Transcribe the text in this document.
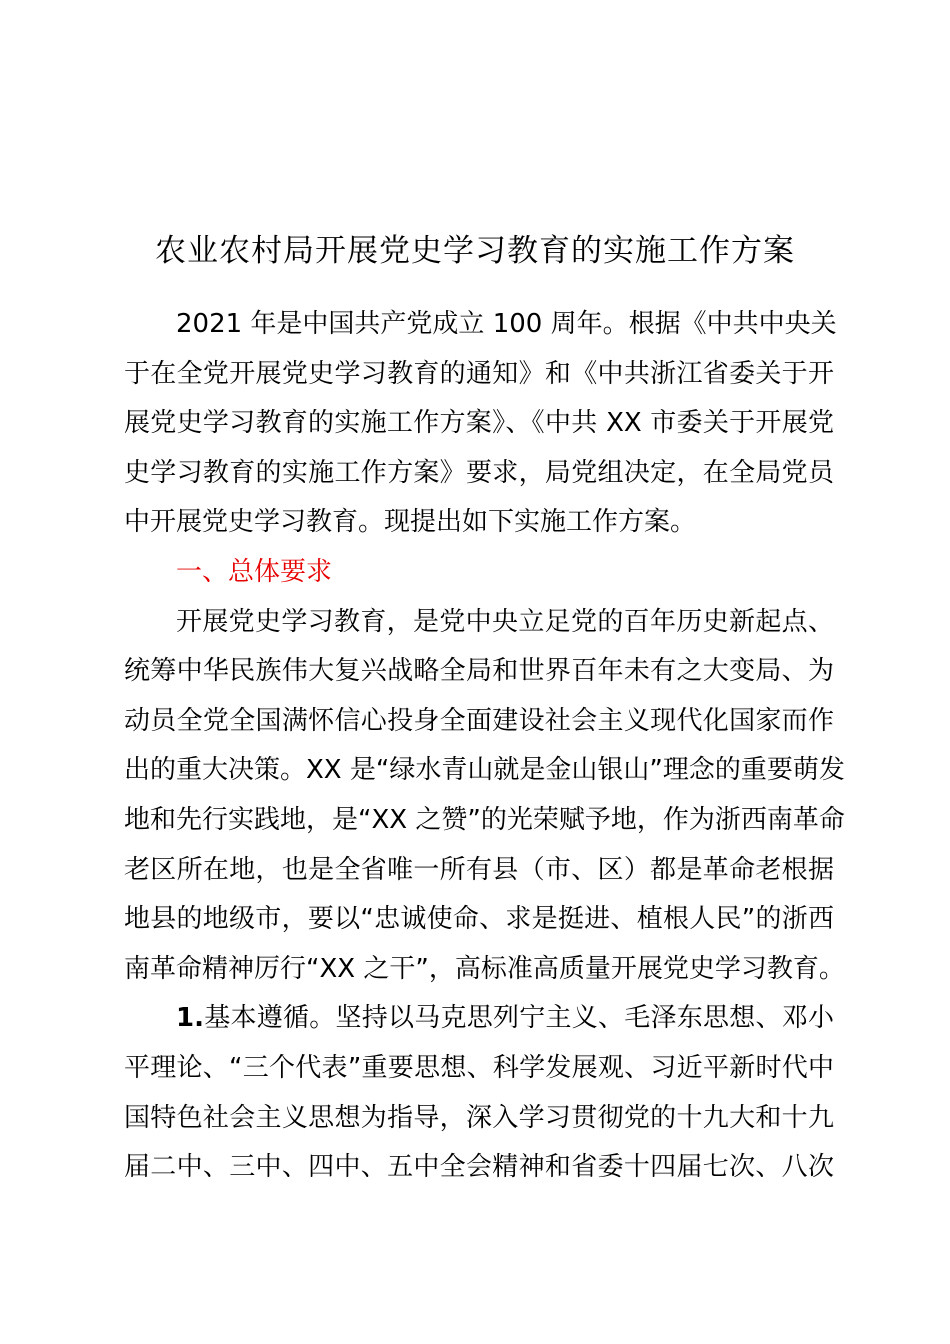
农业农村局开展党史学习教育的实施工作方案
2021 年是中国共产党成立 100 周年。根据《中共中央关
于在全党开展党史学习教育的通知》和《中共浙江省委关于开
展党史学习教育的实施工作方案》、《中共 XX 市委关于开展党
史学习教育的实施工作方案》要求，局党组决定，在全局党员
中开展党史学习教育。现提出如下实施工作方案。
一、总体要求
开展党史学习教育，是党中央立足党的百年历史新起点、
统筹中华民族伟大复兴战略全局和世界百年未有之大变局、为
动员全党全国满怀信心投身全面建设社会主义现代化国家而作
出的重大决策。XX 是“绿水青山就是金山银山”理念的重要萌发
地和先行实践地，是“XX 之赞”的光荣赋予地，作为浙西南革命
老区所在地，也是全省唯一所有县（市、区）都是革命老根据
地县的地级市，要以“忠诚使命、求是挺进、植根人民”的浙西
南革命精神厉行“XX 之干”，高标准高质量开展党史学习教育。
1.基本遵循。坚持以马克思列宁主义、毛泽东思想、邓小
平理论、“三个代表”重要思想、科学发展观、习近平新时代中
国特色社会主义思想为指导，深入学习贯彻党的十九大和十九
届二中、三中、四中、五中全会精神和省委十四届七次、八次
